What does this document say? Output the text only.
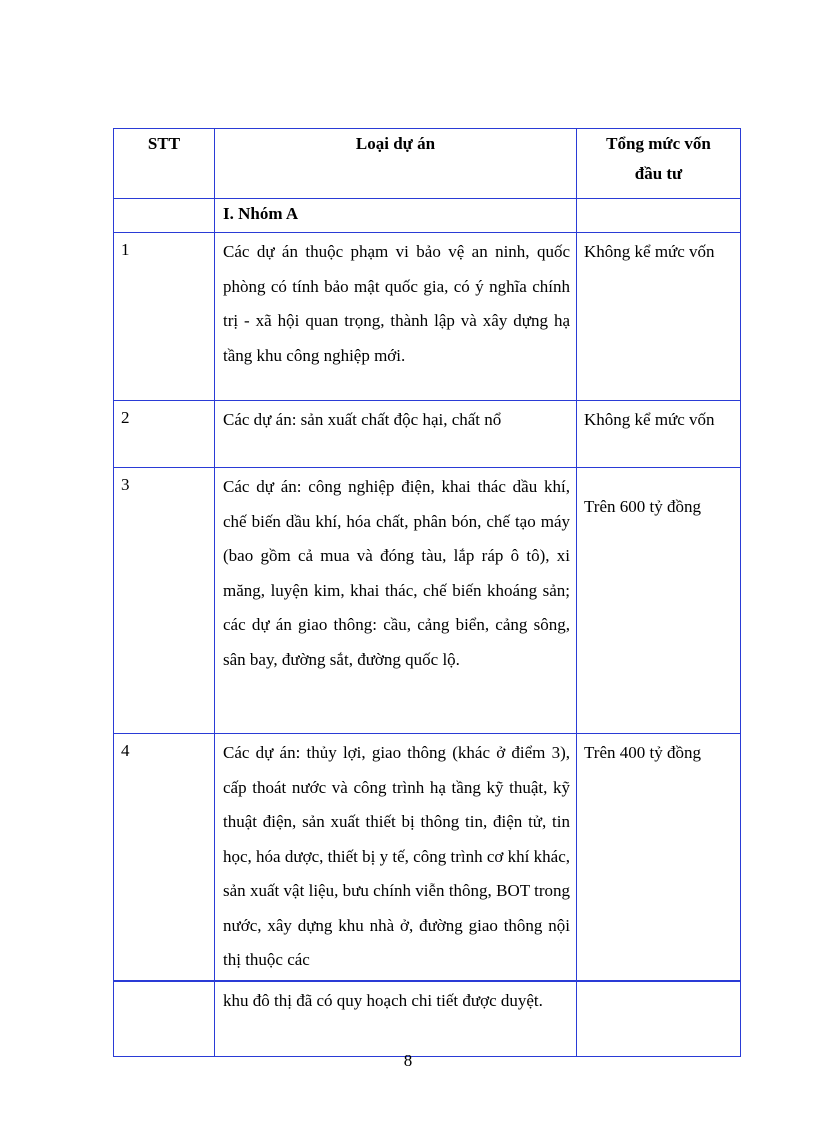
STT	Loại dự án	Tổng mức vốn
đầu tư

	I. Nhóm A	
1	Các dự án thuộc phạm vi bảo vệ an ninh, quốc phòng có tính bảo mật quốc gia, có ý nghĩa chính trị - xã hội quan trọng, thành lập và xây dựng hạ tầng khu công nghiệp mới.	Không kể mức vốn
2	Các dự án: sản xuất chất độc hại, chất nổ	Không kể mức vốn
3	Các dự án: công nghiệp điện, khai thác dầu khí, chế biến dầu khí, hóa chất, phân bón, chế tạo máy (bao gồm cả mua và đóng tàu, lắp ráp ô tô), xi măng, luyện kim, khai thác, chế biến khoáng sản; các dự án giao thông: cầu, cảng biển, cảng sông, sân bay, đường sắt, đường quốc lộ.	Trên 600 tỷ đồng
4	Các dự án: thủy lợi, giao thông (khác ở điểm 3), cấp thoát nước và công trình hạ tầng kỹ thuật, kỹ thuật điện, sản xuất thiết bị thông tin, điện tử, tin học, hóa dược, thiết bị y tế, công trình cơ khí khác, sản xuất vật liệu, bưu chính viễn thông, BOT trong nước, xây dựng khu nhà ở, đường giao thông nội thị thuộc các	Trên 400 tỷ đồng
	khu đô thị đã có quy hoạch chi tiết được duyệt.	
8
